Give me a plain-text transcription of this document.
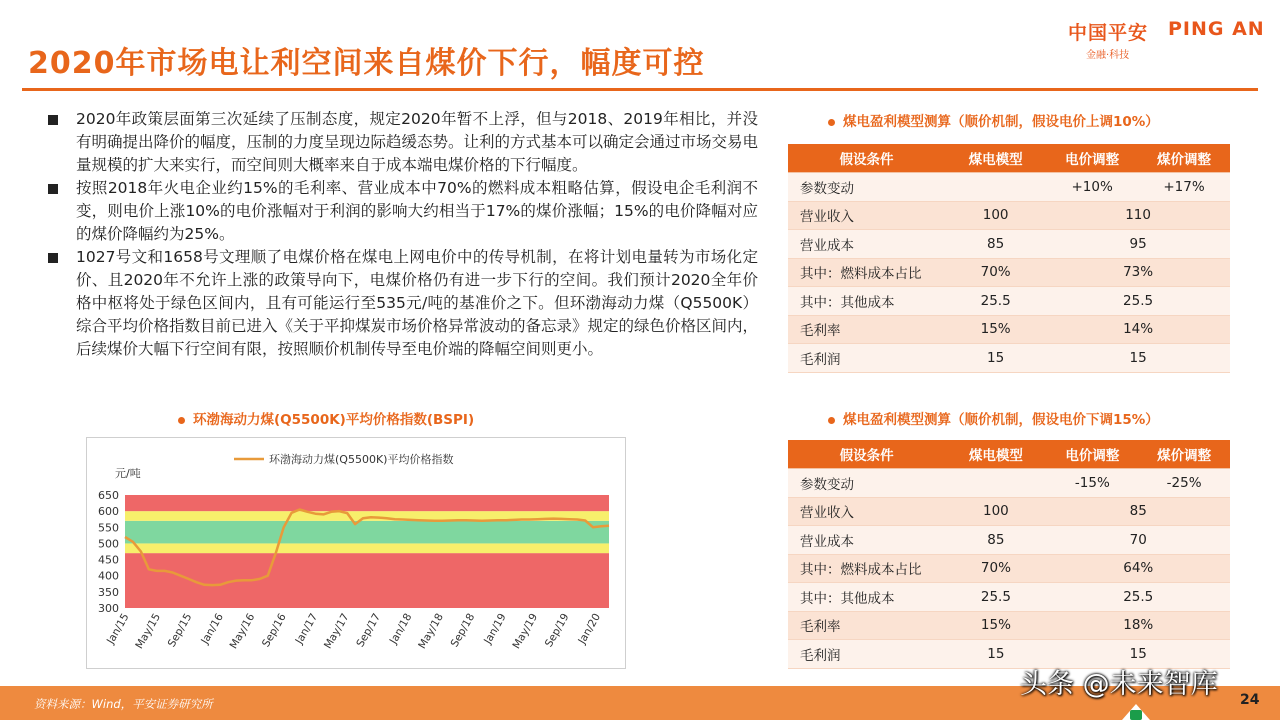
2020年市场电让利空间来自煤价下行，幅度可控
中国平安 PING AN
金融·科技

2020年政策层面第三次延续了压制态度，规定2020年暂不上浮，但与2018、2019年相比，并没有明确提出降价的幅度，压制的力度呈现边际趋缓态势。让利的方式基本可以确定会通过市场交易电量规模的扩大来实行，而空间则大概率来自于成本端电煤价格的下行幅度。

按照2018年火电企业约15%的毛利率、营业成本中70%的燃料成本粗略估算，假设电企毛利润不变，则电价上涨10%的电价涨幅对于利润的影响大约相当于17%的煤价涨幅；15%的电价降幅对应的煤价降幅约为25%。

1027号文和1658号文理顺了电煤价格在煤电上网电价中的传导机制，在将计划电量转为市场化定价、且2020年不允许上涨的政策导向下，电煤价格仍有进一步下行的空间。我们预计2020全年价格中枢将处于绿色区间内，且有可能运行至535元/吨的基准价之下。但环渤海动力煤（Q5500K）综合平均价格指数目前已进入《关于平抑煤炭市场价格异常波动的备忘录》规定的绿色价格区间内，后续煤价大幅下行空间有限，按照顺价机制传导至电价端的降幅空间则更小。

环渤海动力煤(Q5500K)平均价格指数(BSPI)
300
350
400
450
500
550
600
650
元/吨
Jan/15 May/15 Sep/15 Jan/16 May/16 Sep/16 Jan/17 May/17 Sep/17 Jan/18 May/18 Sep/18 Jan/19 May/19 Sep/19 Jan/20
环渤海动力煤(Q5500K)平均价格指数
煤电盈利模型测算（顺价机制，假设电价上调10%）
假设条件	煤电模型	电价调整	煤价调整
参数变动		+10%	+17%
营业收入	100	110	
营业成本	85	95	
其中：燃料成本占比	70%	73%	
其中：其他成本	25.5	25.5	
毛利率	15%	14%	
毛利润	15	15	
煤电盈利模型测算（顺价机制，假设电价下调15%）
假设条件	煤电模型	电价调整	煤价调整
参数变动		-15%	-25%
营业收入	100	85	
营业成本	85	70	
其中：燃料成本占比	70%	64%	
其中：其他成本	25.5	25.5	
毛利率	15%	18%	
毛利润	15	15	
资料来源：Wind，平安证券研究所	24
头条 @未来智库
